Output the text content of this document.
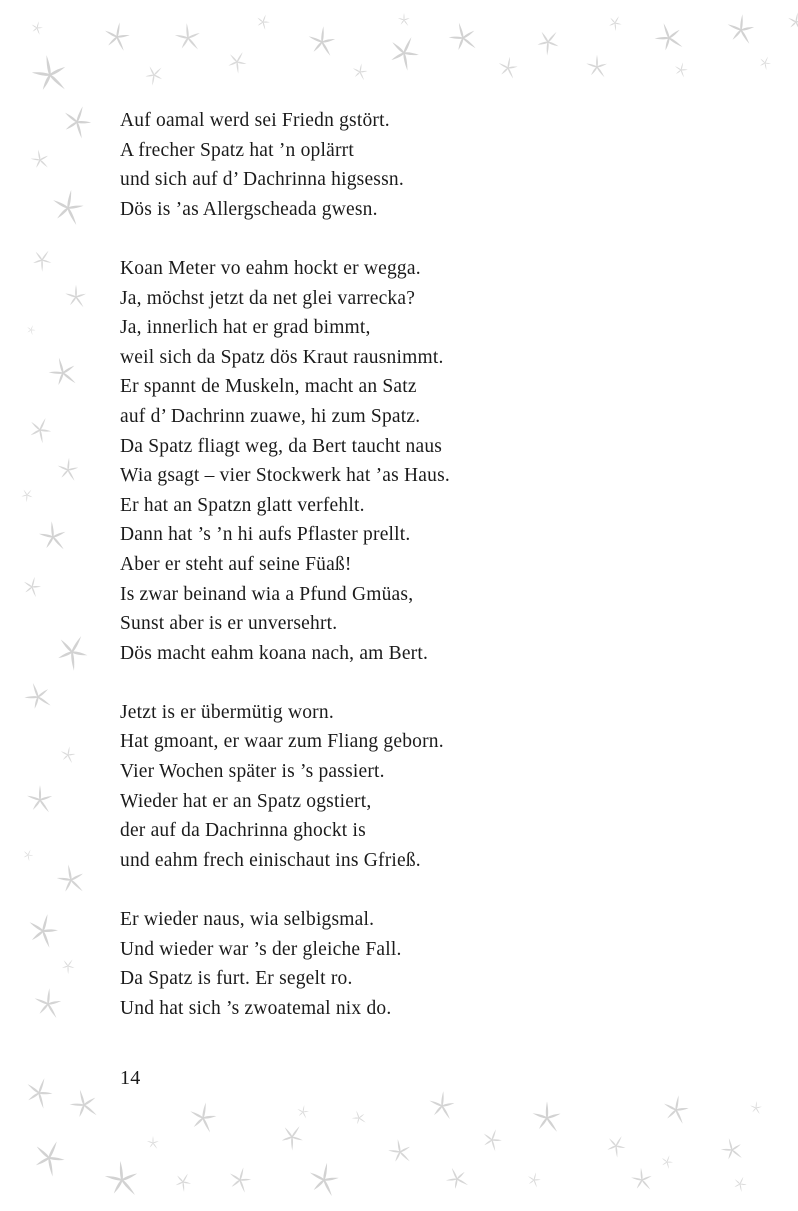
Auf oamal werd sei Friedn gstört.
A frecher Spatz hat ’n oplärrt
und sich auf d’ Dachrinna higsessn.
Dös is ’as Allergscheada gwesn.
Koan Meter vo eahm hockt er wegga.
Ja, möchst jetzt da net glei varrecka?
Ja, innerlich hat er grad bimmt,
weil sich da Spatz dös Kraut rausnimmt.
Er spannt de Muskeln, macht an Satz
auf d’ Dachrinn zuawe, hi zum Spatz.
Da Spatz fliagt weg, da Bert taucht naus
Wia gsagt – vier Stockwerk hat ’as Haus.
Er hat an Spatzn glatt verfehlt.
Dann hat ’s ’n hi aufs Pflaster prellt.
Aber er steht auf seine Füaß!
Is zwar beinand wia a Pfund Gmüas,
Sunst aber is er unversehrt.
Dös macht eahm koana nach, am Bert.
Jetzt is er übermütig worn.
Hat gmoant, er waar zum Fliang geborn.
Vier Wochen später is ’s passiert.
Wieder hat er an Spatz ogstiert,
der auf da Dachrinna ghockt is
und eahm frech einischaut ins Gfrieß.
Er wieder naus, wia selbigsmal.
Und wieder war ’s der gleiche Fall.
Da Spatz is furt. Er segelt ro.
Und hat sich ’s zwoatemal nix do.
14
